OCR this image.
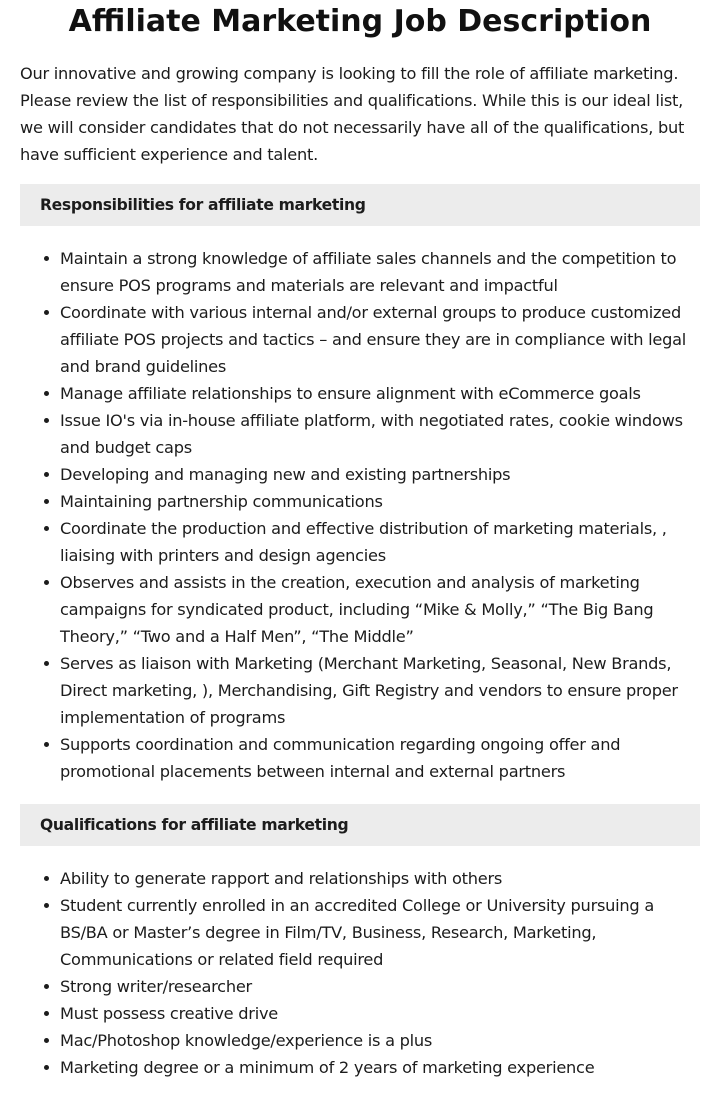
Affiliate Marketing Job Description

Our innovative and growing company is looking to fill the role of affiliate marketing. Please review the list of responsibilities and qualifications. While this is our ideal list, we will consider candidates that do not necessarily have all of the qualifications, but have sufficient experience and talent.

Responsibilities for affiliate marketing
Maintain a strong knowledge of affiliate sales channels and the competition to ensure POS programs and materials are relevant and impactful
Coordinate with various internal and/or external groups to produce customized affiliate POS projects and tactics – and ensure they are in compliance with legal and brand guidelines
Manage affiliate relationships to ensure alignment with eCommerce goals
Issue IO's via in-house affiliate platform, with negotiated rates, cookie windows and budget caps
Developing and managing new and existing partnerships
Maintaining partnership communications
Coordinate the production and effective distribution of marketing materials, , liaising with printers and design agencies
Observes and assists in the creation, execution and analysis of marketing campaigns for syndicated product, including “Mike & Molly,” “The Big Bang Theory,” “Two and a Half Men”, “The Middle”
Serves as liaison with Marketing (Merchant Marketing, Seasonal, New Brands, Direct marketing, ), Merchandising, Gift Registry and vendors to ensure proper implementation of programs
Supports coordination and communication regarding ongoing offer and promotional placements between internal and external partners
Qualifications for affiliate marketing
Ability to generate rapport and relationships with others
Student currently enrolled in an accredited College or University pursuing a BS/BA or Master’s degree in Film/TV, Business, Research, Marketing, Communications or related field required
Strong writer/researcher
Must possess creative drive
Mac/Photoshop knowledge/experience is a plus
Marketing degree or a minimum of 2 years of marketing experience
